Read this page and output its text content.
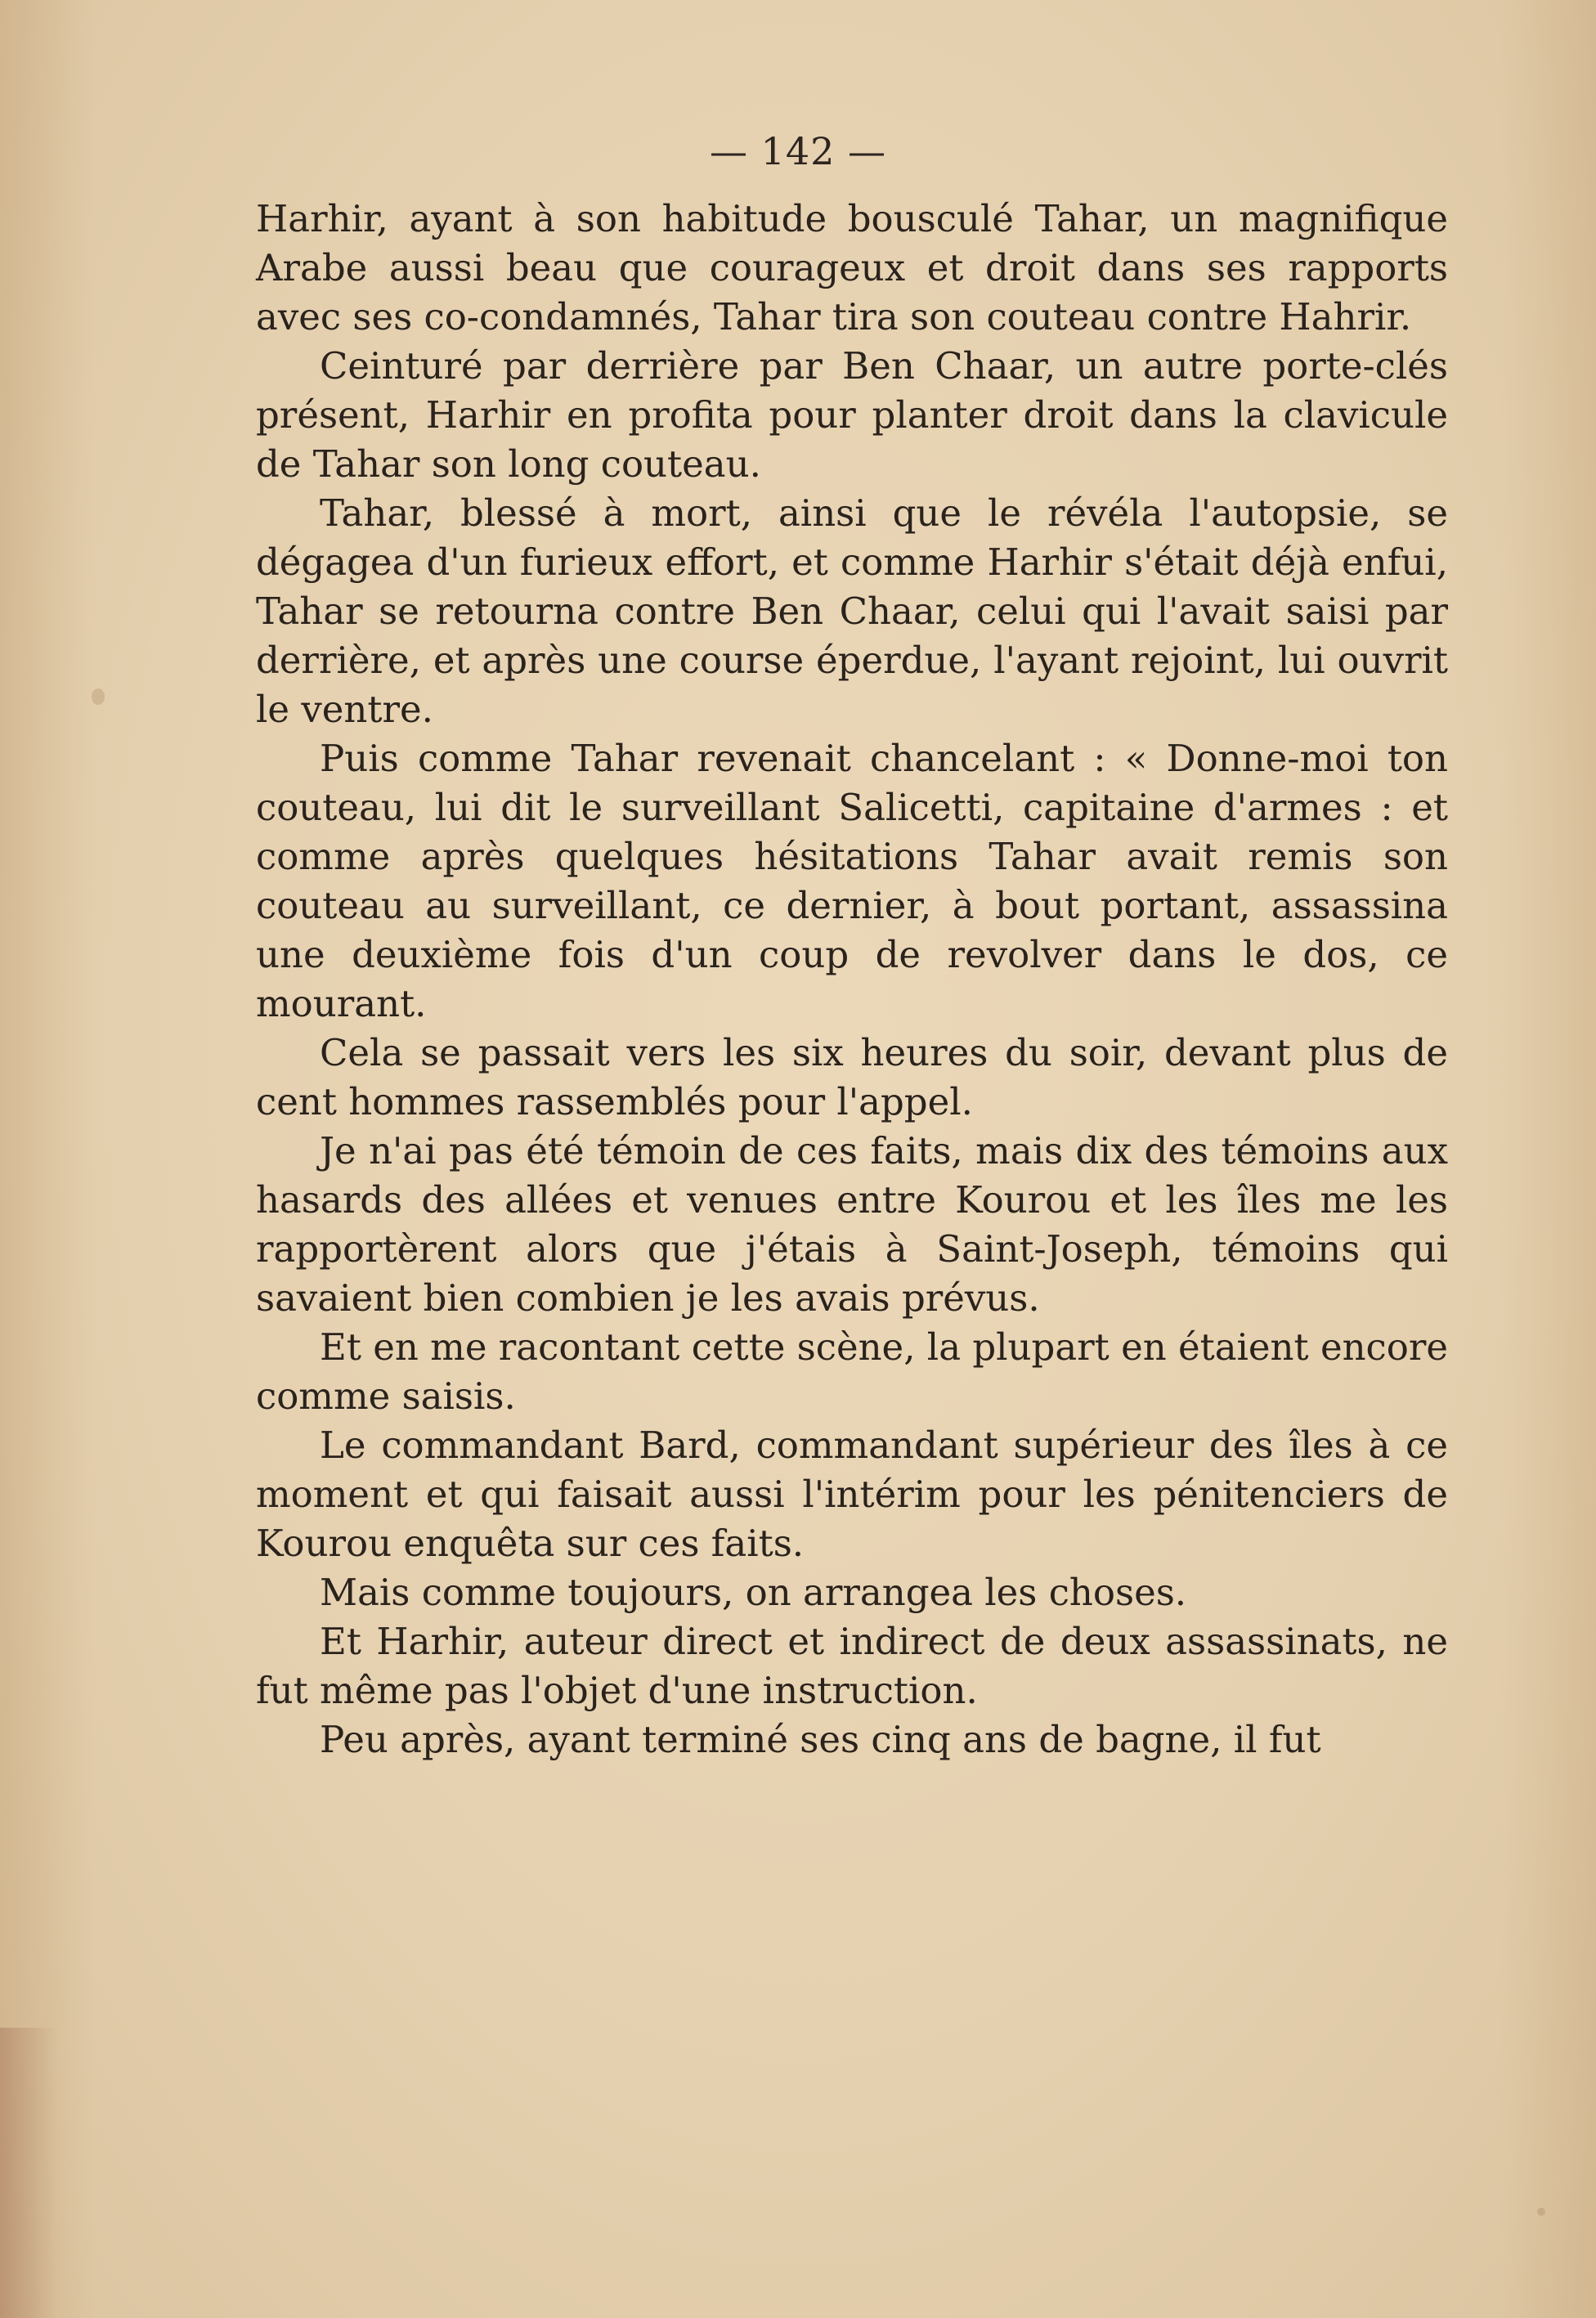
— 142 —

Harhir, ayant à son habitude bousculé Tahar, un magnifique Arabe aussi beau que courageux et droit dans ses rapports avec ses co-condamnés, Tahar tira son couteau contre Hahrir.

Ceinturé par derrière par Ben Chaar, un autre porte-clés présent, Harhir en profita pour planter droit dans la clavicule de Tahar son long couteau.

Tahar, blessé à mort, ainsi que le révéla l'autopsie, se dégagea d'un furieux effort, et comme Harhir s'était déjà enfui, Tahar se retourna contre Ben Chaar, celui qui l'avait saisi par derrière, et après une course éperdue, l'ayant rejoint, lui ouvrit le ventre.

Puis comme Tahar revenait chancelant : « Donne-moi ton couteau, lui dit le surveillant Salicetti, capitaine d'armes : et comme après quelques hésitations Tahar avait remis son couteau au surveillant, ce dernier, à bout portant, assassina une deuxième fois d'un coup de revolver dans le dos, ce mourant.

Cela se passait vers les six heures du soir, devant plus de cent hommes rassemblés pour l'appel.

Je n'ai pas été témoin de ces faits, mais dix des témoins aux hasards des allées et venues entre Kourou et les îles me les rapportèrent alors que j'étais à Saint-Joseph, témoins qui savaient bien combien je les avais prévus.

Et en me racontant cette scène, la plupart en étaient encore comme saisis.

Le commandant Bard, commandant supérieur des îles à ce moment et qui faisait aussi l'intérim pour les pénitenciers de Kourou enquêta sur ces faits.

Mais comme toujours, on arrangea les choses.

Et Harhir, auteur direct et indirect de deux assassinats, ne fut même pas l'objet d'une instruction.

Peu après, ayant terminé ses cinq ans de bagne, il fut
